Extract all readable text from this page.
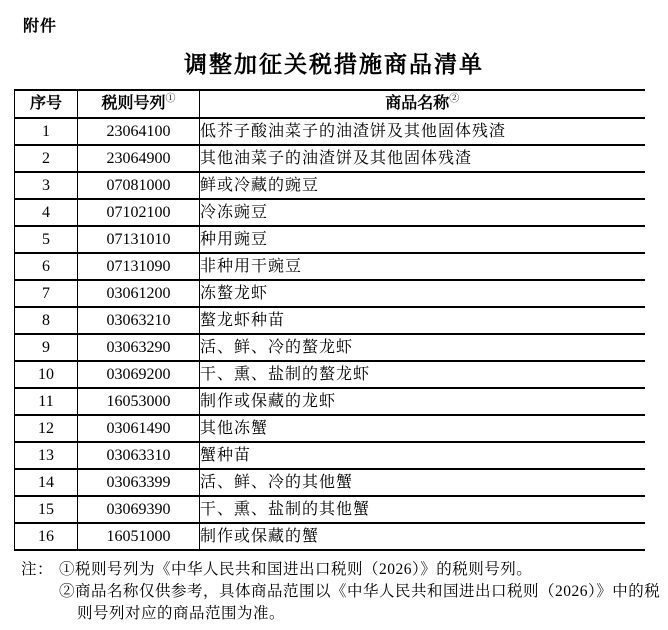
附件
调整加征关税措施商品清单
序号	税则号列①	商品名称②
1	23064100	低芥子酸油菜子的油渣饼及其他固体残渣
2	23064900	其他油菜子的油渣饼及其他固体残渣
3	07081000	鲜或冷藏的豌豆
4	07102100	冷冻豌豆
5	07131010	种用豌豆
6	07131090	非种用干豌豆
7	03061200	冻螯龙虾
8	03063210	螯龙虾种苗
9	03063290	活、鲜、冷的螯龙虾
10	03069200	干、熏、盐制的螯龙虾
11	16053000	制作或保藏的龙虾
12	03061490	其他冻蟹
13	03063310	蟹种苗
14	03063399	活、鲜、冷的其他蟹
15	03069390	干、熏、盐制的其他蟹
16	16051000	制作或保藏的蟹
注： ①税则号列为《中华人民共和国进出口税则（2026）》的税则号列。
②商品名称仅供参考，具体商品范围以《中华人民共和国进出口税则（2026）》中的税则号列对应的商品范围为准。
